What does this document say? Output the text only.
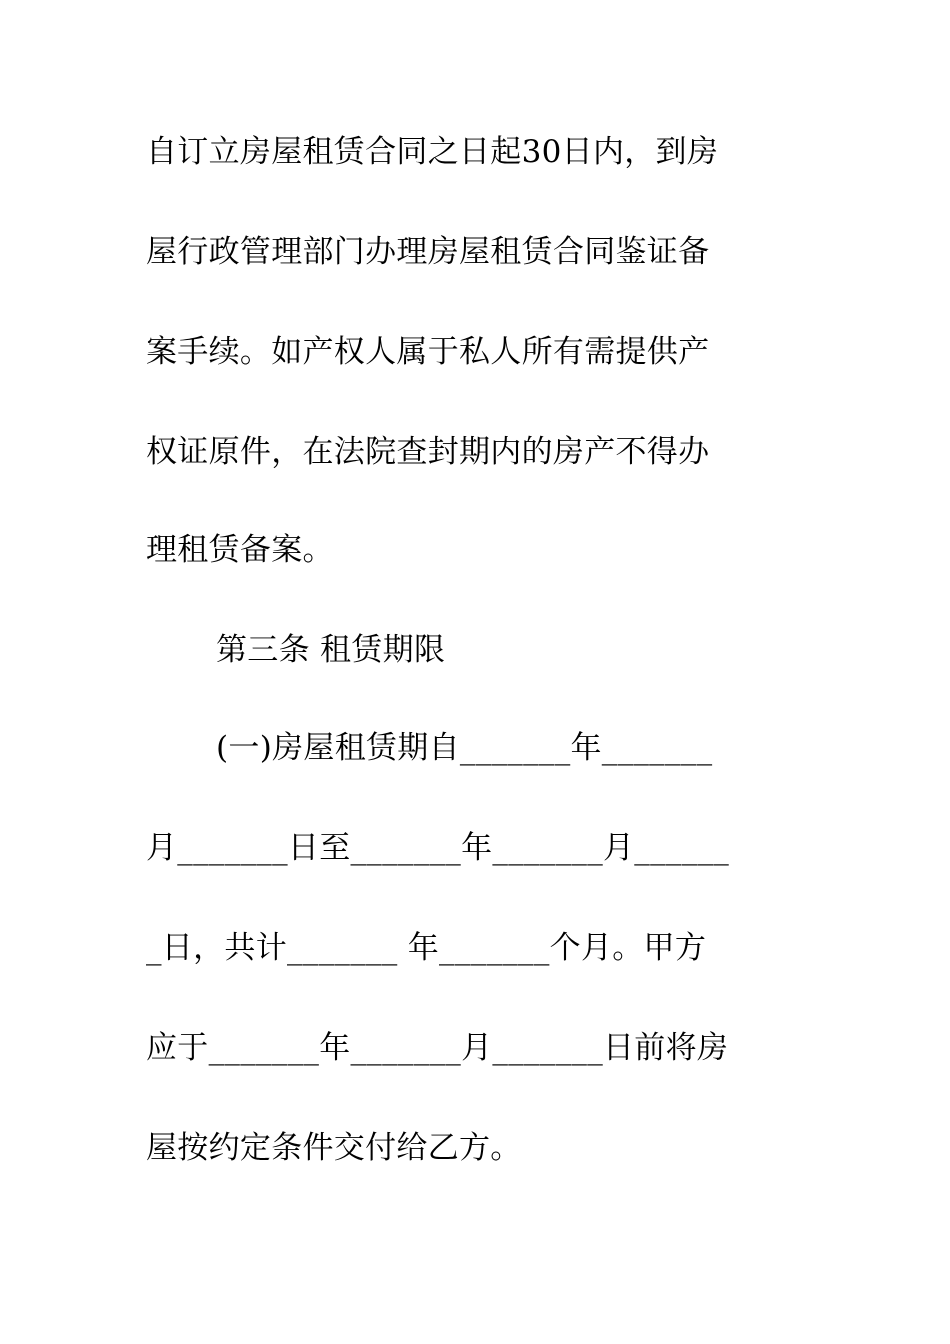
自订立房屋租赁合同之日起30日内，到房
屋行政管理部门办理房屋租赁合同鉴证备
案手续。如产权人属于私人所有需提供产
权证原件，在法院查封期内的房产不得办
理租赁备案。
第三条 租赁期限
(一)房屋租赁期自_______年_______
月_______日至_______年_______月______
_日，共计_______ 年_______个月。甲方
应于_______年_______月_______日前将房
屋按约定条件交付给乙方。
